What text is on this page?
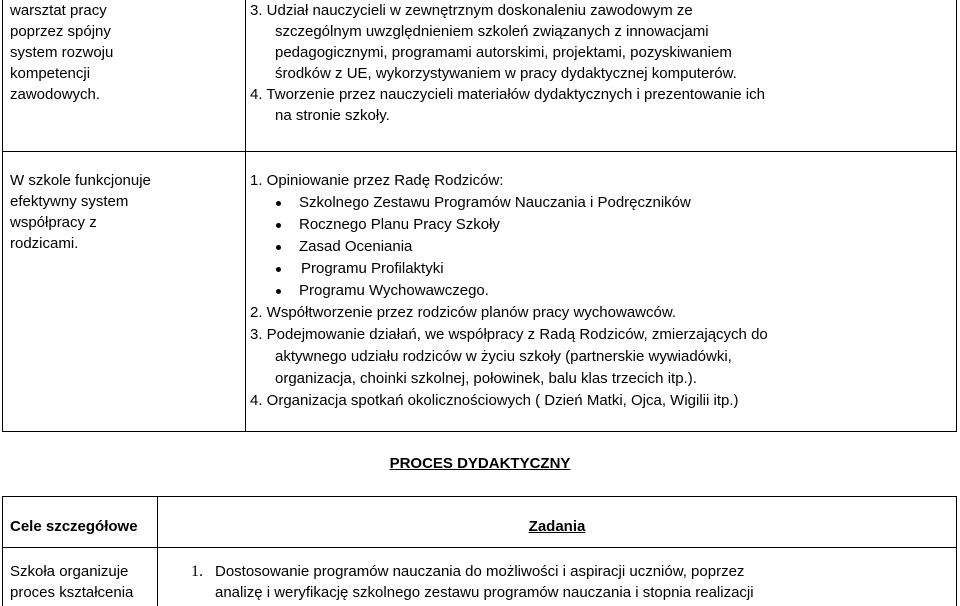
warsztat pracy
poprzez spójny
system rozwoju
kompetencji
zawodowych.
3. Udział nauczycieli w zewnętrznym doskonaleniu zawodowym ze
szczególnym uwzględnieniem szkoleń związanych z innowacjami
pedagogicznymi, programami autorskimi, projektami, pozyskiwaniem
środków z UE, wykorzystywaniem w pracy dydaktycznej komputerów.
4. Tworzenie przez nauczycieli materiałów dydaktycznych i prezentowanie ich
na stronie szkoły.
W szkole funkcjonuje
efektywny system
współpracy z
rodzicami.
1. Opiniowanie przez Radę Rodziców:
Szkolnego Zestawu Programów Nauczania i Podręczników
Rocznego Planu Pracy Szkoły
Zasad Oceniania
Programu Profilaktyki
Programu Wychowawczego.
2. Współtworzenie przez rodziców planów pracy wychowawców.
3. Podejmowanie działań, we współpracy z Radą Rodziców, zmierzających do
aktywnego udziału rodziców w życiu szkoły (partnerskie wywiadówki,
organizacja, choinki szkolnej, połowinek, balu klas trzecich itp.).
4. Organizacja spotkań okolicznościowych ( Dzień Matki, Ojca, Wigilii itp.)
PROCES DYDAKTYCZNY
Cele szczegółowe	Zadania
Szkoła organizuje
proces kształcenia
1. Dostosowanie programów nauczania do możliwości i aspiracji uczniów, poprzez
analizę i weryfikację szkolnego zestawu programów nauczania i stopnia realizacji
